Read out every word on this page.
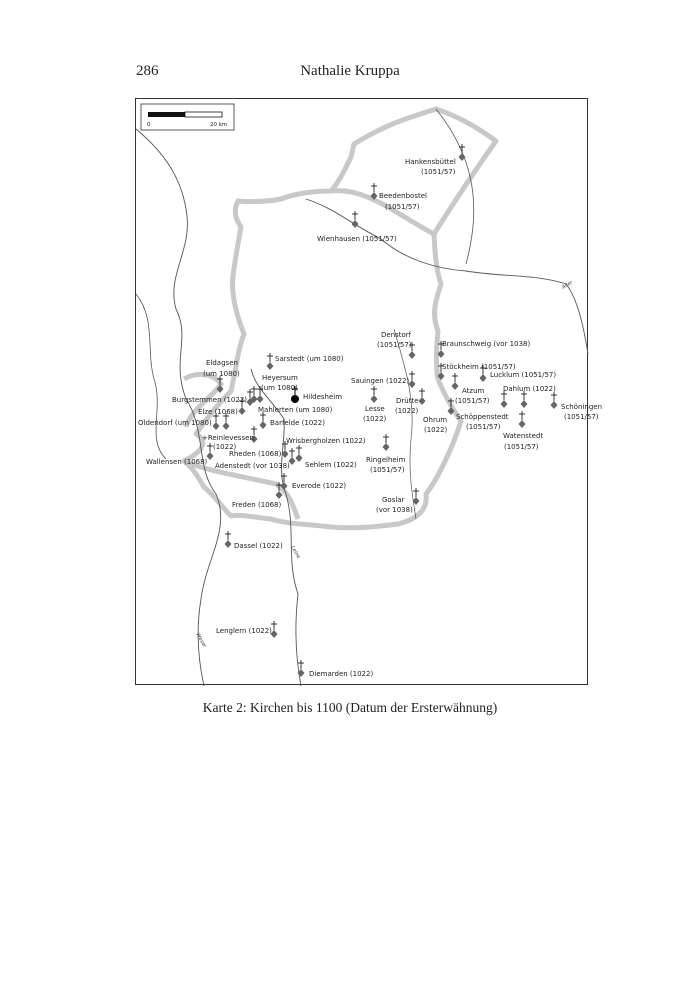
286	Nathalie Kruppa
Aller
Leine
Weser
0	20 km
Hankensbüttel
(1051/57)
Beedenbostel
(1051/57)
Wienhausen (1051/57)
Denstorf
(1051/57)	Braunschweig (vor 1038)
Stöckheim (1051/57)
Lucklum (1051/57)
Sauingen (1022)
Atzum
(1051/57)
Dahlum (1022)
Schöningen
(1051/57)
Lesse
(1022)
Drütte
(1022)
Ohrum
(1022)
Schöppenstedt
(1051/57)
Watenstedt
(1051/57)
Ringelheim
(1051/57)
Goslar
(vor 1038)
Sarstedt (um 1080)
Eldagsen
(um 1080)	Heyersum
(um 1080)
Hildesheim
Burgstemmen (1022)
Elze (1068)	Mahlerten (um 1080)
Oldendorf (um 1080)	Barfelde (1022)
+Reinlevessen
(1022)
Wrisbergholzen (1022)
Rheden (1068)
Wallensen (1068) Adenstedt (vor 1038) Sehlem (1022)
Everode (1022)
Freden (1068)
Dassel (1022)
Lenglern (1022)
Diemarden (1022)
Karte 2: Kirchen bis 1100 (Datum der Ersterwähnung)
